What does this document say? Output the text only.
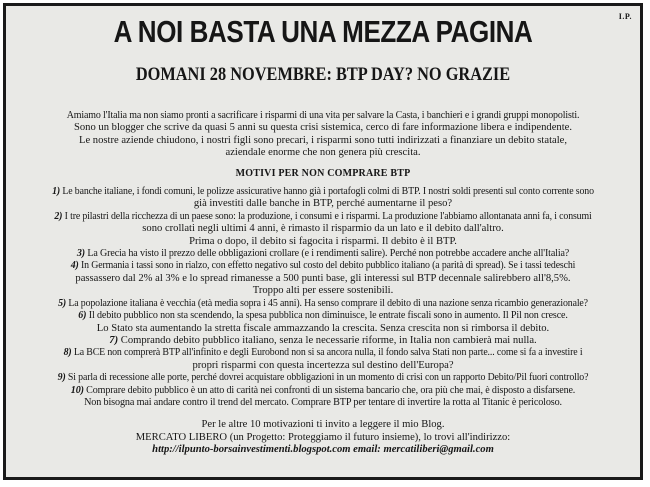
I.P.
A NOI BASTA UNA MEZZA PAGINA
DOMANI 28 NOVEMBRE: BTP DAY? NO GRAZIE
Amiamo l'Italia ma non siamo pronti a sacrificare i risparmi di una vita per salvare la Casta, i banchieri e i grandi gruppi monopolisti.
Sono un blogger che scrive da quasi 5 anni su questa crisi sistemica, cerco di fare informazione libera e indipendente.
Le nostre aziende chiudono, i nostri figli sono precari, i risparmi sono tutti indirizzati a finanziare un debito statale,
aziendale enorme che non genera più crescita.
MOTIVI PER NON COMPRARE BTP
1) Le banche italiane, i fondi comuni, le polizze assicurative hanno già i portafogli colmi di BTP. I nostri soldi presenti sul conto corrente sono
già investiti dalle banche in BTP, perché aumentarne il peso?
2) I tre pilastri della ricchezza di un paese sono: la produzione, i consumi e i risparmi. La produzione l'abbiamo allontanata anni fa, i consumi
sono crollati negli ultimi 4 anni, è rimasto il risparmio da un lato e il debito dall'altro.
Prima o dopo, il debito si fagocita i risparmi. Il debito è il BTP.
3) La Grecia ha visto il prezzo delle obbligazioni crollare (e i rendimenti salire). Perché non potrebbe accadere anche all'Italia?
4) In Germania i tassi sono in rialzo, con effetto negativo sul costo del debito pubblico italiano (a parità di spread). Se i tassi tedeschi
passassero dal 2% al 3% e lo spread rimanesse a 500 punti base, gli interessi sul BTP decennale salirebbero all'8,5%.
Troppo alti per essere sostenibili.
5) La popolazione italiana è vecchia (età media sopra i 45 anni). Ha senso comprare il debito di una nazione senza ricambio generazionale?
6) Il debito pubblico non sta scendendo, la spesa pubblica non diminuisce, le entrate fiscali sono in aumento. Il Pil non cresce.
Lo Stato sta aumentando la stretta fiscale ammazzando la crescita. Senza crescita non si rimborsa il debito.
7) Comprando debito pubblico italiano, senza le necessarie riforme, in Italia non cambierà mai nulla.
8) La BCE non comprerà BTP all'infinito e degli Eurobond non si sa ancora nulla, il fondo salva Stati non parte... come si fa a investire i
propri risparmi con questa incertezza sul destino dell'Europa?
9) Si parla di recessione alle porte, perché dovrei acquistare obbligazioni in un momento di crisi con un rapporto Debito/Pil fuori controllo?
10) Comprare debito pubblico è un atto di carità nei confronti di un sistema bancario che, ora più che mai, è disposto a disfarsene.
Non bisogna mai andare contro il trend del mercato. Comprare BTP per tentare di invertire la rotta al Titanic è pericoloso.
Per le altre 10 motivazioni ti invito a leggere il mio Blog.
MERCATO LIBERO (un Progetto: Proteggiamo il futuro insieme), lo trovi all'indirizzo:
http://ilpunto-borsainvestimenti.blogspot.com email: mercatiliberi@gmail.com
